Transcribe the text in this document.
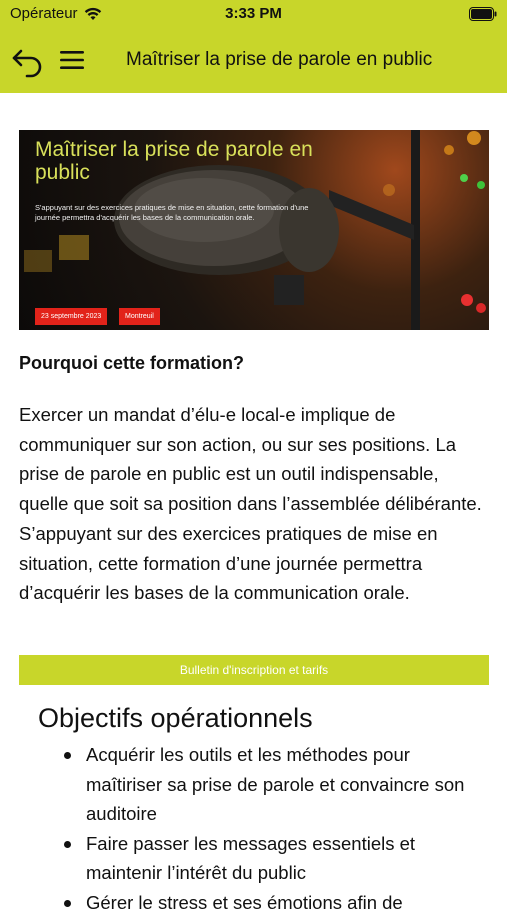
Opérateur	3:33 PM
Maîtriser la prise de parole en public
Maîtriser la prise de parole en public
S'appuyant sur des exercices pratiques de mise en situation, cette formation d'une journée permettra d'acquérir les bases de la communication orale.
23 septembre 2023	Montreuil
Pourquoi cette formation?

Exercer un mandat d’élu-e local-e implique de communiquer sur son action, ou sur ses positions. La prise de parole en public est un outil indispensable, quelle que soit sa position dans l’assemblée délibérante. S’appuyant sur des exercices pratiques de mise en situation, cette formation d’une journée permettra d’acquérir les bases de la communication orale.

Bulletin d'inscription et tarifs
Objectifs opérationnels
Acquérir les outils et les méthodes pour maîtiriser sa prise de parole et convaincre son auditoire
Faire passer les messages essentiels et maintenir l’intérêt du public
Gérer le stress et ses émotions afin de
